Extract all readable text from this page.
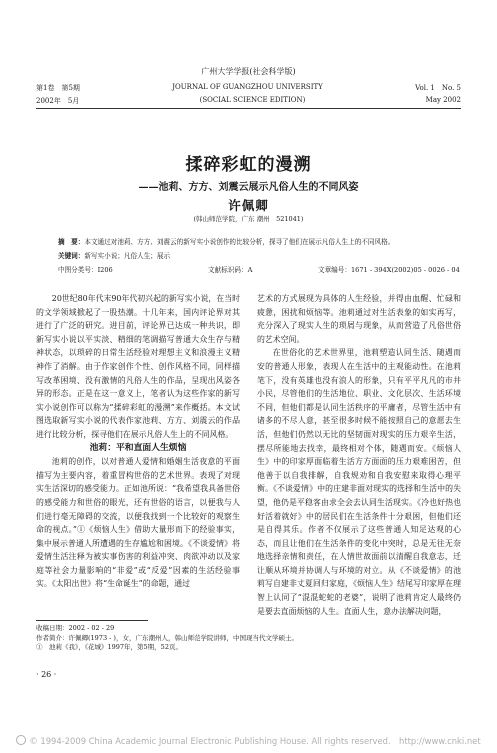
广州大学学报(社会科学版)
第1卷　第5期	JOURNAL OF GUANGZHOU UNIVERSITY	Vol. 1　No. 5
2002年　5月	(SOCIAL SCIENCE EDITION)	May 2002
揉碎彩虹的漫溯
——池莉、方方、刘震云展示凡俗人生的不同风姿
许佩卿
(韩山师范学院，广东 潮州　521041)
摘　要：本文通过对池莉、方方、刘震云的新写实小说创作的比较分析，探寻了他们在展示凡俗人生上的不同风格。
关键词：新写实小说；凡俗人生；展示
中图分类号：I206	文献标识码：A	文章编号：1671 - 394X(2002)05 - 0026 - 04

20世纪80年代末90年代初兴起的新写实小说，在当时的文学领域掀起了一股热潮。十几年来，国内评论界对其进行了广泛的研究。进目前，评论界已达成一种共识，即新写实小说以平实淡、精细的笔调描写普通大众生存与精神状态，以琐碎的日常生活经验对理想主义和浪漫主义精神作了消解。由于作家创作个性、创作风格不同，同样描写改革困境、没有激情的凡俗人生的作品，呈现出风姿各异的形态。正是在这一意义上，笔者认为这些作家的新写实小说创作可以称为“揉碎彩虹的漫溯”来作概括。本文试图选取新写实小说的代表作家池莉、方方、刘震云的作品进行比较分析，探寻他们在展示凡俗人生上的不同风格。

池莉：平和直面人生烦恼

池莉的创作，以对普通人爱情和婚姻生活夜意的平面描写为主要内容，着重冒构世俗的艺术世界。表现了对现实生活深切的感受能力。正如池所说：“我希望我具备世俗的感受能力和世俗的眼光，还有世俗的语言，以便我与人们进行毫无障碍的交流，以便我找到一个比较好的观察生命的视点。”①《烦恼人生》借助大量形而下的经验事实，集中展示普通人所遭遇的生存尴尬和困境。《不谈爱情》将爱情生活注释为被实事伤害的利益冲突、肉欲冲动以及家庭等社会力量影响的“非爱”或“反爱”因素的生活经验事实。《太阳出世》将“生命诞生”的命题，通过

艺术的方式展现为具体的人生经验，并得由血醒、忙碌和疲惫，困扰和烦恼等。池莉通过对生活表象的如实再写，充分深入了现实人生的琐屑与现象，从而营造了凡俗世俗的艺术空间。

在世俗化的艺术世界里，池莉塑造认同生活、随遇而安的普通人形象，表现人在生活中的主观能动性。在池莉笔下，没有英雄也没有浪人的形象，只有平平凡凡的市井小民，尽管他们的生活地位、职业、文化层次、生活环境不同，但他们都是认同生活秩序的平庸者，尽管生活中有诸多的不尽人意，甚至很多时候不能按照自己的意愿去生活，但他们仍然以无比的坚韧面对现实的压力艰辛生活，摆尽所能地去找幸，最终相对个体，随遇而安。《烦恼人生》中的印家厚面临着生活方方面面的压力艰难困苦，但他善于以自我排解，自我规劝和自我安慰来取得心理平衡。《不谈爱情》中的庄建非面对现实的选择和生活中的失望，他仍是平稳客由求全会去认同生活现实。《冷也好热也好活着就好》中的居民们在生活条件十分艰困，但他们还是自得其乐。作者不仅展示了这些普通人知足达观的心态，而且让他们在生活条件的变化中突时，总是无往无奈地选择亲情和责任，在人情世故面前以清醒自我意志，迁让顺从环境并协调人与环境的对立。从《不谈爱情》的池莉写自建非丈夏回归家庭，《烦恼人生》结尾写印家厚在理智上认同了“混混蛇蛇的老婆”，说明了池莉肯定人最终仍是要去直面烦恼的人生。直面人生，意办法解决问题，

收稿日期：2002 - 02 - 29
作者简介：许佩卿(1973 - )，女，广东潮州人，韩山师范学院讲师，中国现当代文学硕士。
①　池莉《我》，《花城》1997年，第5期，52页。
· 26 ·
© 1994-2009 China Academic Journal Electronic Publishing House. All rights reserved.　http://www.cnki.net
